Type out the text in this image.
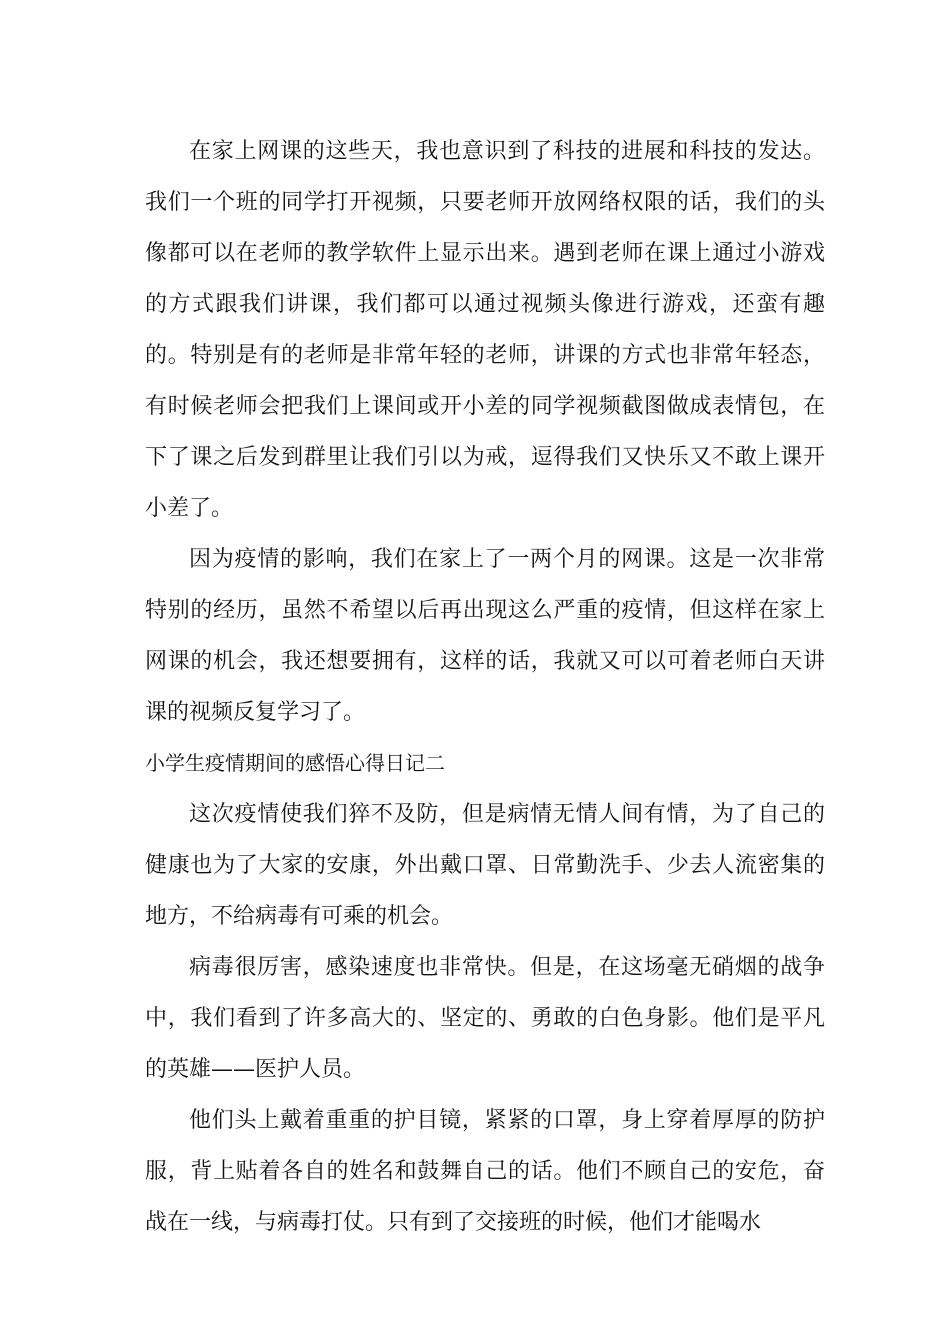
在家上网课的这些天，我也意识到了科技的进展和科技的发达。我们一个班的同学打开视频，只要老师开放网络权限的话，我们的头像都可以在老师的教学软件上显示出来。遇到老师在课上通过小游戏的方式跟我们讲课，我们都可以通过视频头像进行游戏，还蛮有趣的。特别是有的老师是非常年轻的老师，讲课的方式也非常年轻态，有时候老师会把我们上课间或开小差的同学视频截图做成表情包，在下了课之后发到群里让我们引以为戒，逗得我们又快乐又不敢上课开小差了。

因为疫情的影响，我们在家上了一两个月的网课。这是一次非常特别的经历，虽然不希望以后再出现这么严重的疫情，但这样在家上网课的机会，我还想要拥有，这样的话，我就又可以可着老师白天讲课的视频反复学习了。

小学生疫情期间的感悟心得日记二

这次疫情使我们猝不及防，但是病情无情人间有情，为了自己的健康也为了大家的安康，外出戴口罩、日常勤洗手、少去人流密集的地方，不给病毒有可乘的机会。

病毒很厉害，感染速度也非常快。但是，在这场毫无硝烟的战争中，我们看到了许多高大的、坚定的、勇敢的白色身影。他们是平凡的英雄——医护人员。

他们头上戴着重重的护目镜，紧紧的口罩，身上穿着厚厚的防护服，背上贴着各自的姓名和鼓舞自己的话。他们不顾自己的安危，奋战在一线，与病毒打仗。只有到了交接班的时候，他们才能喝水
